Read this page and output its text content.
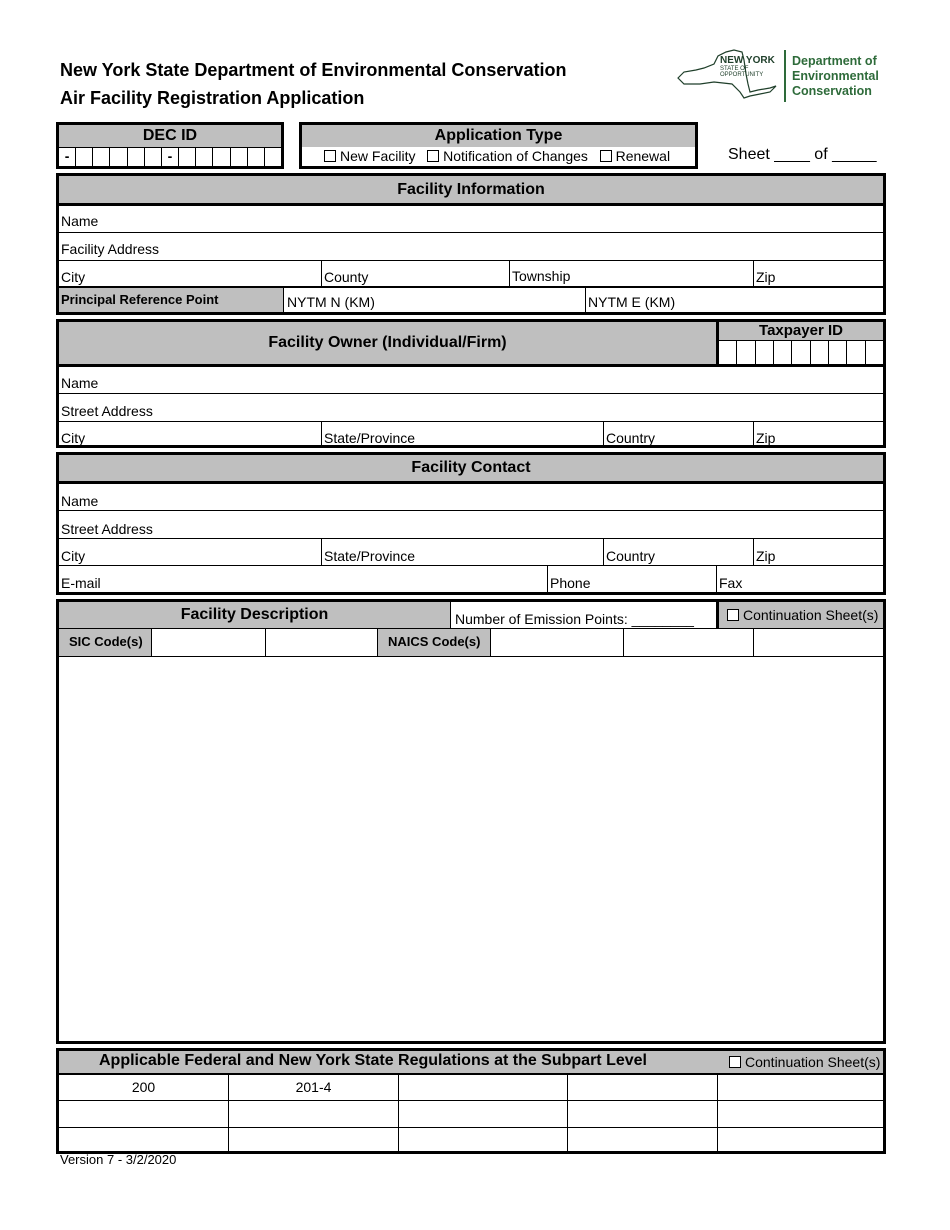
New York State Department of Environmental Conservation
Air Facility Registration Application
NEW YORK
STATE OF
OPPORTUNITY
Department of
Environmental
Conservation
DEC ID
-	-
Application Type
New Facility Notification of Changes Renewal	Sheet ____ of _____
Facility Information
Name
Facility Address
City	County	Township	Zip
Principal Reference Point	NYTM N (KM)	NYTM E (KM)
Facility Owner (Individual/Firm)
Taxpayer ID
Name
Street Address
City	State/Province	Country	Zip
Facility Contact
Name
Street Address
City	State/Province	Country	Zip
E-mail	Phone	Fax
Facility Description	Number of Emission Points: ________	Continuation Sheet(s)
SIC Code(s)	NAICS Code(s)
Applicable Federal and New York State Regulations at the Subpart Level	Continuation Sheet(s)
200	201-4
Version 7 - 3/2/2020
